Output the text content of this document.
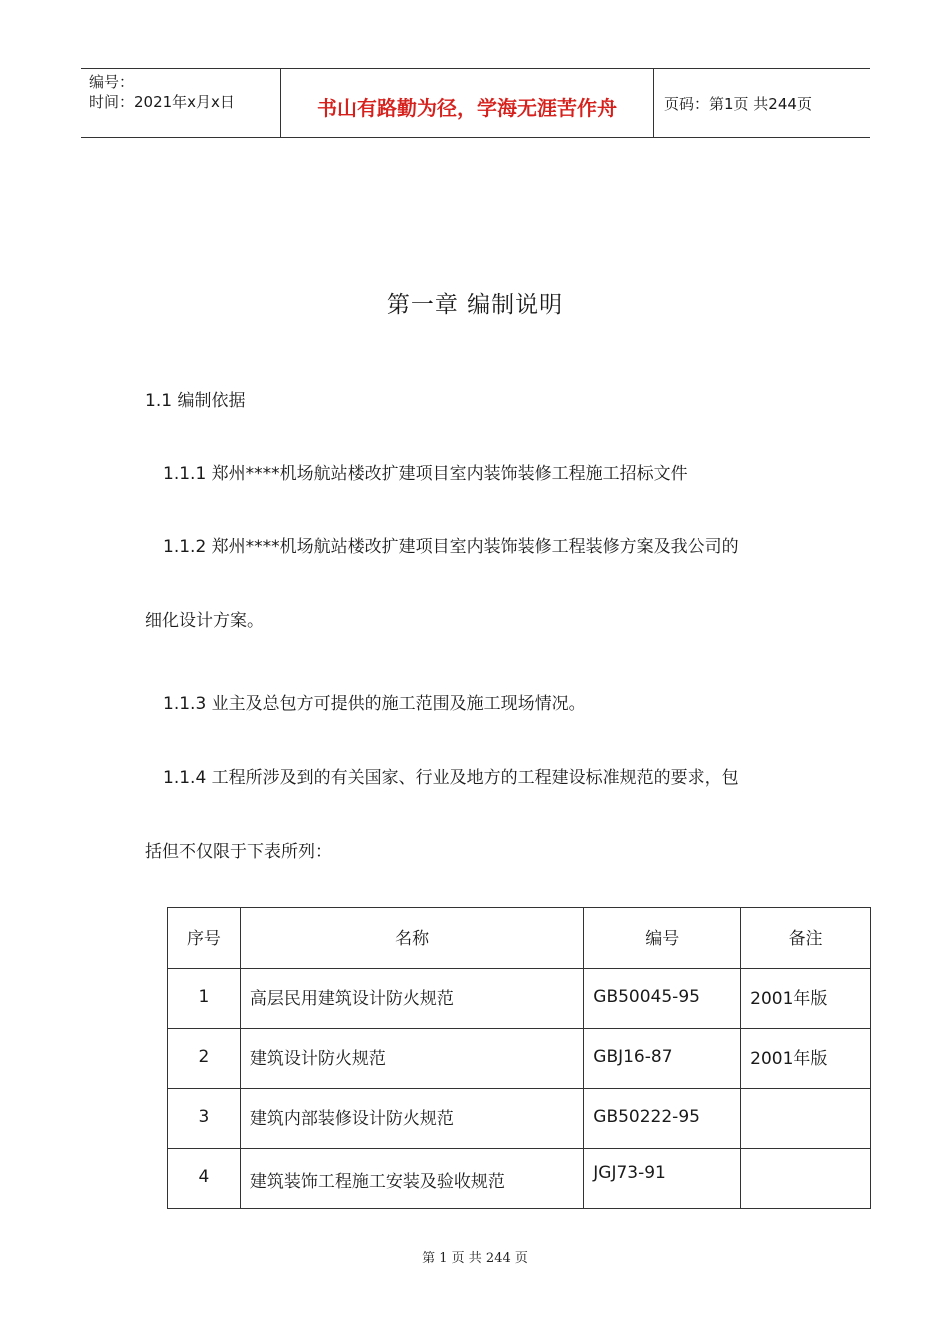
编号：
时间：2021年x月x日	书山有路勤为径，学海无涯苦作舟	页码：第1页 共244页
第一章 编制说明
1.1 编制依据
1.1.1 郑州****机场航站楼改扩建项目室内装饰装修工程施工招标文件
1.1.2 郑州****机场航站楼改扩建项目室内装饰装修工程装修方案及我公司的
细化设计方案。
1.1.3 业主及总包方可提供的施工范围及施工现场情况。
1.1.4 工程所涉及到的有关国家、行业及地方的工程建设标准规范的要求，包
括但不仅限于下表所列：
序号	名称	编号	备注

1	高层民用建筑设计防火规范	GB50045-95	2001年版

2	建筑设计防火规范	GBJ16-87	2001年版

3	建筑内部装修设计防火规范	GB50222-95	

4	建筑装饰工程施工安装及验收规范	JGJ73-91	

第 1 页 共 244 页
